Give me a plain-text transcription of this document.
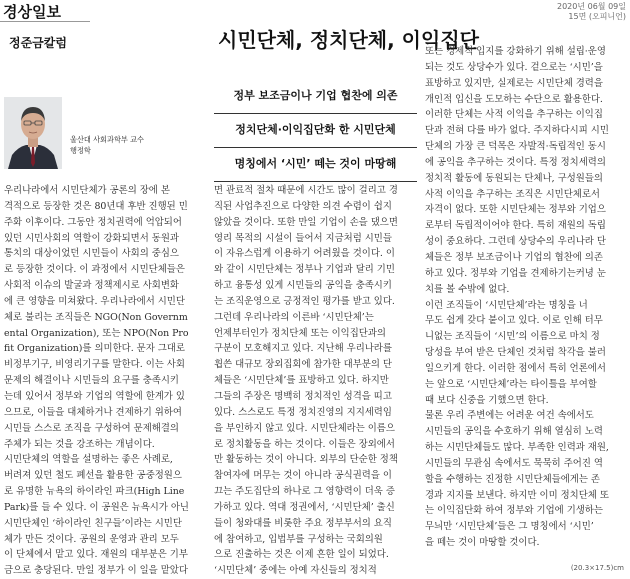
경상일보	2020년 06월 09일
15면 (오피니언)
정준금칼럼	시민단체, 정치단체, 이익집단
울산대 사회과학부 교수
행정학
정부 보조금이나 기업 협찬에 의존
정치단체·이익집단화 한 시민단체
명칭에서 ‘시민’ 떼는 것이 마땅해
우리나라에서 시민단체가 공론의 장에 본
격적으로 등장한 것은 80년대 후반 진행된 민
주화 이후이다. 그동안 정치권력에 억압되어
있던 시민사회의 역할이 강화되면서 동원과
통치의 대상이었던 시민들이 사회의 중심으
로 등장한 것이다. 이 과정에서 시민단체들은
사회적 이슈의 발굴과 정책제시로 사회변화
에 큰 영향을 미쳐왔다. 우리나라에서 시민단
체로 불리는 조직들은 NGO(Non Governm
ental Organization), 또는 NPO(Non Pro
fit Organization)를 의미한다. 문자 그대로
비정부기구, 비영리기구를 말한다. 이는 사회
문제의 해결이나 시민들의 요구를 충족시키
는데 있어서 정부와 기업의 역할에 한계가 있
으므로, 이들을 대체하거나 견제하기 위하여
시민들 스스로 조직을 구성하여 문제해결의
주체가 되는 것을 강조하는 개념이다.
시민단체의 역할을 설명하는 좋은 사례로,
버려져 있던 철도 폐선을 활용한 공중정원으
로 유명한 뉴욕의 하이라인 파크(High Line
Park)를 들 수 있다. 이 공원은 뉴욕시가 아닌
시민단체인 ‘하이라인 친구들’이라는 시민단
체가 만든 것이다. 공원의 운영과 관리 모두
이 단체에서 맡고 있다. 재원의 대부분은 기부
금으로 충당된다. 만일 정부가 이 일을 맡았다
면 관료적 절차 때문에 시간도 많이 걸리고 경
직된 사업추진으로 다양한 의견 수렴이 쉽지
않았을 것이다. 또한 만일 기업이 손을 댔으면
영리 목적의 시설이 들어서 지금처럼 시민들
이 자유스럽게 이용하기 어려웠을 것이다. 이
와 같이 시민단체는 정부나 기업과 달리 기민
하고 융통성 있게 시민들의 공익을 충족시키
는 조직운영으로 긍정적인 평가를 받고 있다.
그런데 우리나라의 이른바 ‘시민단체’는
언제부터인가 정치단체 또는 이익집단과의
구분이 모호해지고 있다. 지난해 우리나라를
휩쓴 대규모 장외집회에 참가한 대부분의 단
체들은 ‘시민단체’를 표방하고 있다. 하지만
그들의 주장은 명백히 정치적인 성격을 띠고
있다. 스스로도 특정 정치진영의 지지세력임
을 부인하지 않고 있다. 시민단체라는 이름으
로 정치활동을 하는 것이다. 이들은 장외에서
만 활동하는 것이 아니다. 외부의 단순한 정책
참여자에 머무는 것이 아니라 공식권력을 이
끄는 주도집단의 하나로 그 영향력이 더욱 증
가하고 있다. 역대 정권에서, ‘시민단체’ 출신
들이 청와대를 비롯한 주요 정부부서의 요직
에 참여하고, 입법부를 구성하는 국회의원
으로 진출하는 것은 이제 흔한 일이 되었다.
‘시민단체’ 중에는 아예 자신들의 정치적
또는 경제적 입지를 강화하기 위해 설립·운영
되는 것도 상당수가 있다. 겉으로는 ‘시민’을
표방하고 있지만, 실제로는 시민단체 경력을
개인적 입신을 도모하는 수단으로 활용한다.
이러한 단체는 사적 이익을 추구하는 이익집
단과 전혀 다를 바가 없다. 주지하다시피 시민
단체의 가장 큰 덕목은 자발적·독립적인 동시
에 공익을 추구하는 것이다. 특정 정치세력의
정치적 활동에 동원되는 단체나, 구성원들의
사적 이익을 추구하는 조직은 시민단체로서
자격이 없다. 또한 시민단체는 정부와 기업으
로부터 독립적이어야 한다. 특히 재원의 독립
성이 중요하다. 그런데 상당수의 우리나라 단
체들은 정부 보조금이나 기업의 협찬에 의존
하고 있다. 정부와 기업을 견제하기는커녕 눈
치를 볼 수밖에 없다.
이런 조직들이 ‘시민단체’라는 명칭을 너
무도 쉽게 갖다 붙이고 있다. 이로 인해 터무
니없는 조직들이 ‘시민’의 이름으로 마치 정
당성을 부여 받은 단체인 것처럼 착각을 불러
일으키게 한다. 이러한 점에서 특히 언론에서
는 앞으로 ‘시민단체’라는 타이틀을 부여할
때 보다 신중을 기했으면 한다.
물론 우리 주변에는 어려운 여건 속에서도
시민들의 공익을 수호하기 위해 열심히 노력
하는 시민단체들도 많다. 부족한 인력과 재원,
시민들의 무관심 속에서도 묵묵히 주어진 역
할을 수행하는 진정한 시민단체들에게는 존
경과 지지를 보낸다. 하지만 이미 정치단체 또
는 이익집단화 하여 정부와 기업에 기생하는
무늬만 ‘시민단체’들은 그 명칭에서 ‘시민’
을 떼는 것이 마땅할 것이다.
(20.3×17.5)cm
